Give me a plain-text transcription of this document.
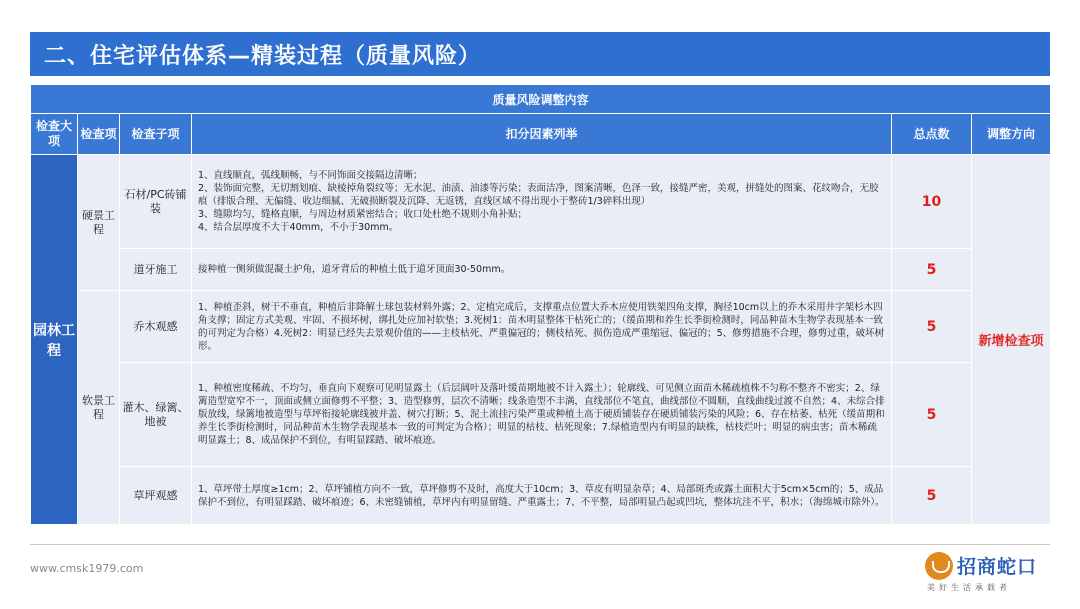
二、住宅评估体系—精装过程（质量风险）
质量风险调整内容					
检查大项	检查项	检查子项	扣分因素列举	总点数	调整方向
园林工程	硬景工程	石材/PC砖铺装	1、直线顺直，弧线顺畅，与不同饰面交接隔边清晰；
2、装饰面完整，无切割划痕、缺棱掉角裂纹等；无水泥、油渍、油漆等污染；表面洁净，图案清晰，色泽一致，接缝严密，美观，拼缝处的图案、花纹吻合，无胶痕（排版合理、无偏缝、收边细腻、无破损断裂及沉降、无返锈，直线区域不得出现小于整砖1/3碎料出现）
3、缝隙均匀，缝格直顺，与周边材质紧密结合；收口处杜绝不规则小角补贴；
4、结合层厚度不大于40mm，不小于30mm。	10	新增检查项
		道牙施工	接种植一侧须做混凝土护角，道牙背后的种植土低于道牙顶面30-50mm。	5	
	软景工程	乔木观感	1、种植歪斜，树干不垂直，种植后非降解土球包装材料外露；2、定植完成后，支撑重点位置大乔木应使用铁架四角支撑，胸径10cm以上的乔木采用井字架杉木四角支撑；固定方式美观、牢固、不损坏树，绑扎处应加衬软垫；3.死树1：苗木明显整体干枯死亡的；（缓苗期和养生长季街检测时，同品种苗木生物学表现基本一致的可判定为合格）4.死树2：明显已经失去景观价值的——主枝枯死、严重偏冠的；侧枝枯死、损伤造成严重缩冠、偏冠的；5、修剪措施不合理，修剪过重，破坏树形。	5	
		灌木、绿篱、地被	1、种植密度稀疏、不均匀，垂直向下观察可见明显露土（后层阔叶及落叶缓苗期地被不计入露土）；轮廓线、可见侧立面苗木稀疏植株不匀称不整齐不密实；2、绿篱造型宽窄不一，顶面或侧立面修剪不平整；3、造型修剪，层次不清晰；线条造型不丰满，直线部位不笔直，曲线部位不圆顺，直线曲线过渡不自然；4、未综合排版放线，绿篱地被造型与草坪衔接轮廓线被并盖、树穴打断；5、泥土流挂污染严重或种植土高于硬质铺装存在硬质铺装污染的风险；6、存在枯萎、枯死（缓苗期和养生长季街检测时，同品种苗木生物学表现基本一致的可判定为合格）；明显的枯枝、枯死现象；7.绿植造型内有明显的缺株，枯枝烂叶；明显的病虫害；苗木稀疏明显露土；8、成品保护不到位，有明显踩踏、破坏痕迹。	5	
		草坪观感	1、草坪带土厚度≥1cm；2、草坪铺植方向不一致，草坪修剪不及时，高度大于10cm；3、草皮有明显杂草；4、局部斑秃或露土面积大于5cm×5cm的；5、成品保护不到位，有明显踩踏、破坏痕迹；6、未密缝铺植，草坪内有明显留缝、严重露土；7、不平整，局部明显凸起或凹坑，整体坑洼不平，积水；（海绵城市除外）。	5	
www.cmsk1979.com	招商蛇口
美好生活承载者
